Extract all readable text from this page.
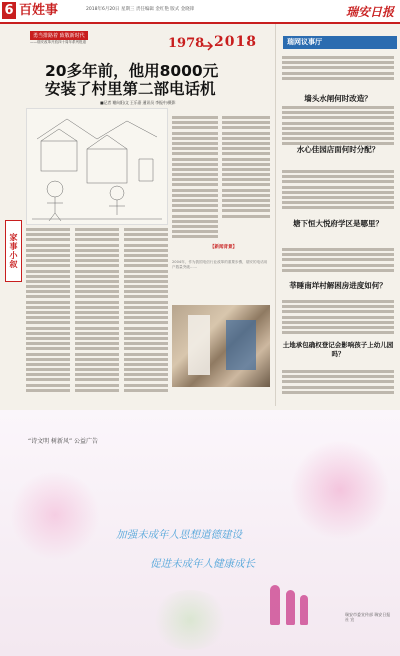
6 百姓事	2018年6月20日 星期三 责任编辑 金红艳 版式 金晓锋	瑞安日报
勇当排路着 致敬新时代
——瑞安改革开放四十周年系列报道	1978 2018
20多年前，他用8000元
安装了村里第二部电话机
■记者 谢向阳/文 王乐嘉 通讯员 李振中/摄影
家事小叙	【新闻背景】
2004年，作为我国电信行业改革的重要步骤，瑞安的电话用户数量突破……
瑞网议事厅
墙头水闸何时改造？
水心佳园店面何时分配？
塘下恒大悦府学区是哪里？
莘睡南垟村解困房进度如何？
土地承包确权登记会影响孩子上幼儿园吗？
“诗文明 树新风” 公益广告
加强未成年人思想道德建设
促进未成年人健康成长
瑞安市委宣传部 瑞安日报社 宣
